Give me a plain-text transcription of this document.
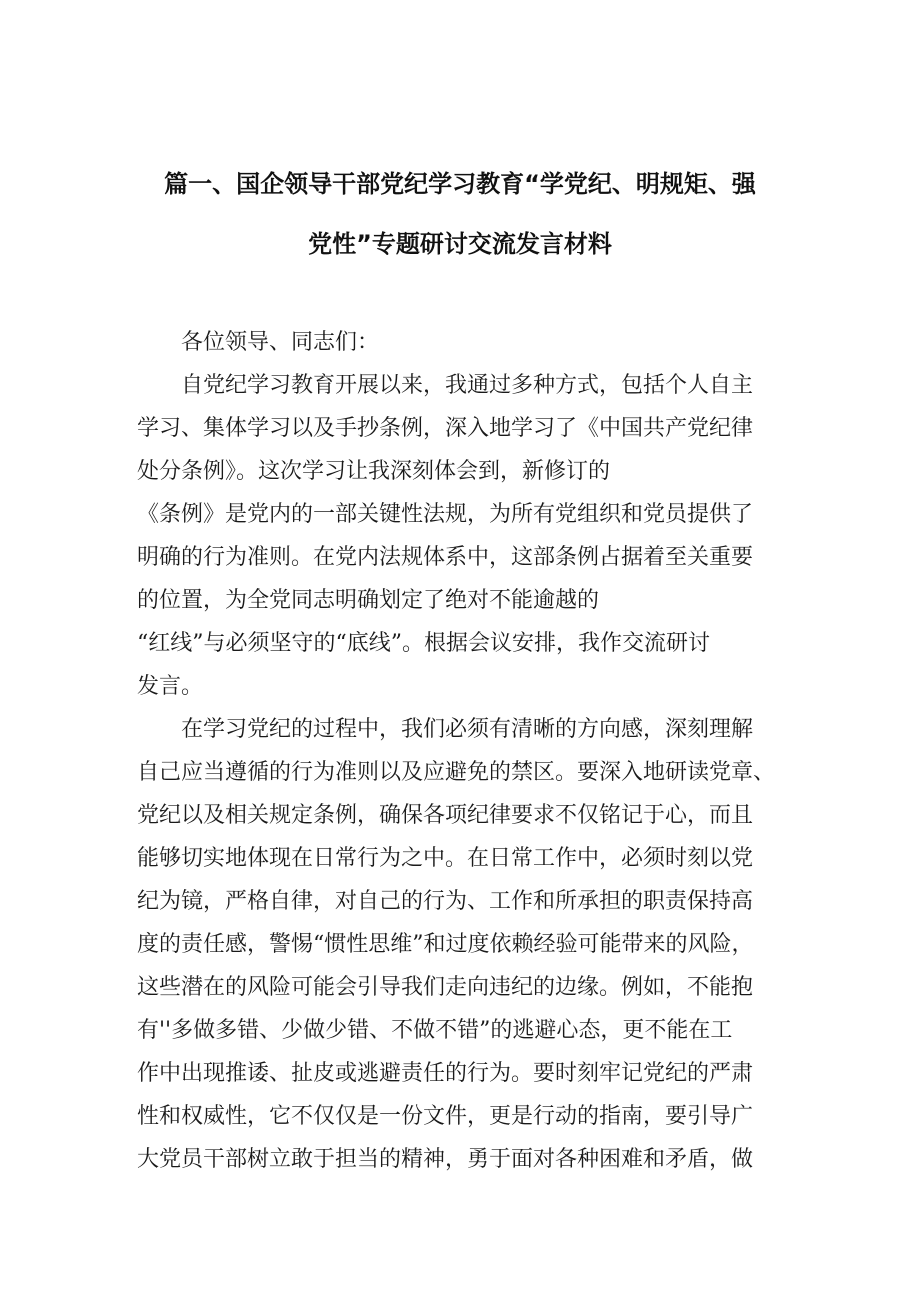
篇一、国企领导干部党纪学习教育“学党纪、明规矩、强
党性”专题研讨交流发言材料
各位领导、同志们：
自党纪学习教育开展以来，我通过多种方式，包括个人自主
学习、集体学习以及手抄条例，深入地学习了《中国共产党纪律
处分条例》。这次学习让我深刻体会到，新修订的
《条例》是党内的一部关键性法规，为所有党组织和党员提供了
明确的行为准则。在党内法规体系中，这部条例占据着至关重要
的位置，为全党同志明确划定了绝对不能逾越的
“红线”与必须坚守的“底线”。根据会议安排，我作交流研讨
发言。
在学习党纪的过程中，我们必须有清晰的方向感，深刻理解
自己应当遵循的行为准则以及应避免的禁区。要深入地研读党章、
党纪以及相关规定条例，确保各项纪律要求不仅铭记于心，而且
能够切实地体现在日常行为之中。在日常工作中，必须时刻以党
纪为镜，严格自律，对自己的行为、工作和所承担的职责保持高
度的责任感，警惕“惯性思维”和过度依赖经验可能带来的风险，
这些潜在的风险可能会引导我们走向违纪的边缘。例如，不能抱
有''多做多错、少做少错、不做不错”的逃避心态，更不能在工
作中出现推诿、扯皮或逃避责任的行为。要时刻牢记党纪的严肃
性和权威性，它不仅仅是一份文件，更是行动的指南，要引导广
大党员干部树立敢于担当的精神，勇于面对各种困难和矛盾，做
